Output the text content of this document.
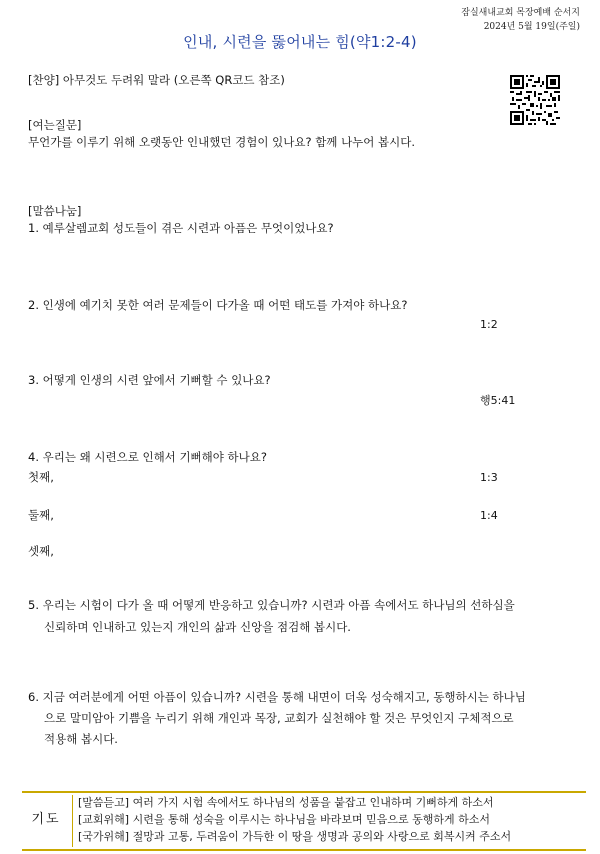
잠실새내교회 목장예배 순서지
2024년 5월 19일(주일)
인내, 시련을 뚫어내는 힘(약1:2-4)
[찬양] 아무것도 두려워 말라 (오른쪽 QR코드 참조)
[여는질문]
무언가를 이루기 위해 오랫동안 인내했던 경험이 있나요? 함께 나누어 봅시다.
[말씀나눔]
1. 예루살렘교회 성도들이 겪은 시련과 아픔은 무엇이었나요?
2. 인생에 예기치 못한 여러 문제들이 다가올 때 어떤 태도를 가져야 하나요?
1:2
3. 어떻게 인생의 시련 앞에서 기뻐할 수 있나요?
행5:41
4. 우리는 왜 시련으로 인해서 기뻐해야 하나요?
첫째,	1:3
둘째,	1:4
셋째,
5. 우리는 시험이 다가 올 때 어떻게 반응하고 있습니까? 시련과 아픔 속에서도 하나님의 선하심을
신뢰하며 인내하고 있는지 개인의 삶과 신앙을 점검해 봅시다.
6. 지금 여러분에게 어떤 아픔이 있습니까? 시련을 통해 내면이 더욱 성숙해지고, 동행하시는 하나님
으로 말미암아 기쁨을 누리기 위해 개인과 목장, 교회가 실천해야 할 것은 무엇인지 구체적으로
적용해 봅시다.
기도
[말씀듣고] 여러 가지 시험 속에서도 하나님의 성품을 붙잡고 인내하며 기뻐하게 하소서
[교회위해] 시련을 통해 성숙을 이루시는 하나님을 바라보며 믿음으로 동행하게 하소서
[국가위해] 절망과 고통, 두려움이 가득한 이 땅을 생명과 공의와 사랑으로 회복시켜 주소서
